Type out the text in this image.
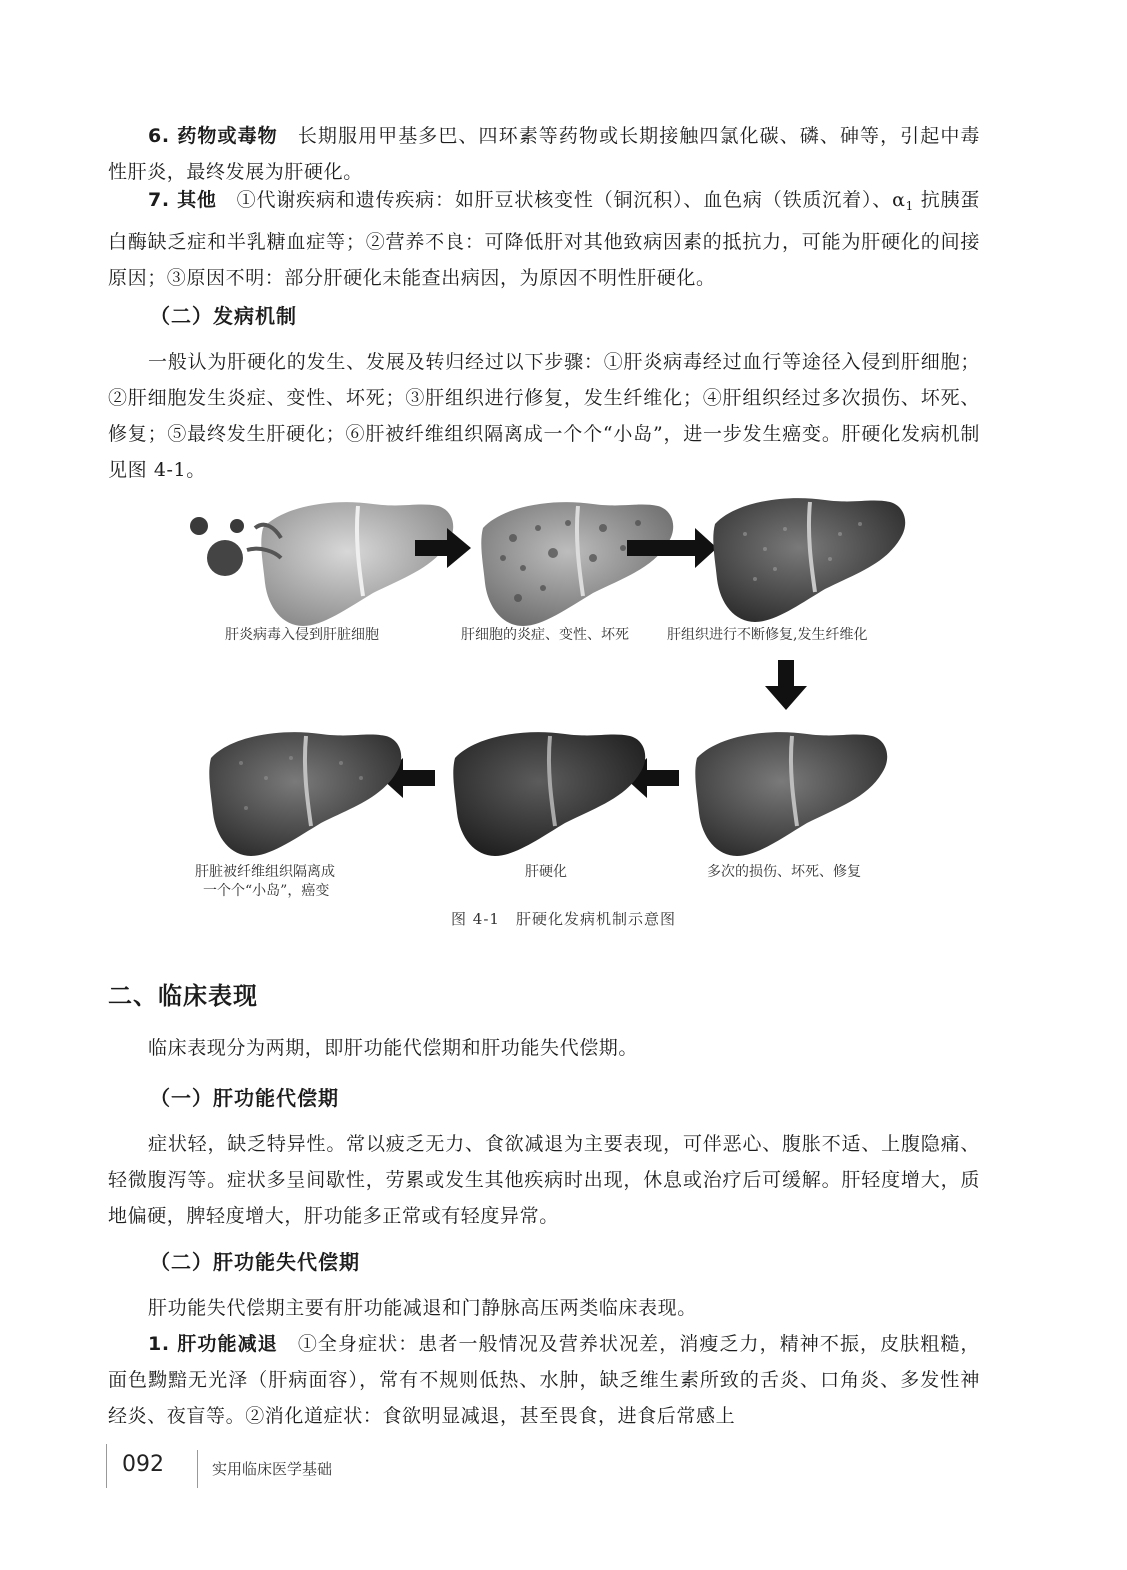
6. 药物或毒物　 长期服用甲基多巴、四环素等药物或长期接触四氯化碳、磷、砷等，引起中毒性肝炎，最终发展为肝硬化。

7. 其他　 ①代谢疾病和遗传疾病：如肝豆状核变性（铜沉积）、血色病（铁质沉着）、$\alpha_1$ 抗胰蛋白酶缺乏症和半乳糖血症等；②营养不良：可降低肝对其他致病因素的抵抗力，可能为肝硬化的间接原因；③原因不明：部分肝硬化未能查出病因，为原因不明性肝硬化。

（二）发病机制

一般认为肝硬化的发生、发展及转归经过以下步骤：①肝炎病毒经过血行等途径入侵到肝细胞；②肝细胞发生炎症、变性、坏死；③肝组织进行修复，发生纤维化；④肝组织经过多次损伤、坏死、修复；⑤最终发生肝硬化；⑥肝被纤维组织隔离成一个个“小岛”，进一步发生癌变。肝硬化发病机制见图 4-1。

肝炎病毒入侵到肝脏细胞	肝细胞的炎症、变性、坏死	肝组织进行不断修复,发生纤维化
多次的损伤、坏死、修复
肝硬化
肝脏被纤维组织隔离成
一个个“小岛”，癌变
图 4-1　肝硬化发病机制示意图
二、临床表现

临床表现分为两期，即肝功能代偿期和肝功能失代偿期。

（一）肝功能代偿期

症状轻，缺乏特异性。常以疲乏无力、食欲减退为主要表现，可伴恶心、腹胀不适、上腹隐痛、轻微腹泻等。症状多呈间歇性，劳累或发生其他疾病时出现，休息或治疗后可缓解。肝轻度增大，质地偏硬，脾轻度增大，肝功能多正常或有轻度异常。

（二）肝功能失代偿期

肝功能失代偿期主要有肝功能减退和门静脉高压两类临床表现。

1. 肝功能减退　 ①全身症状：患者一般情况及营养状况差，消瘦乏力，精神不振，皮肤粗糙，面色黝黯无光泽（肝病面容），常有不规则低热、水肿，缺乏维生素所致的舌炎、口角炎、多发性神经炎、夜盲等。②消化道症状：食欲明显减退，甚至畏食，进食后常感上

092	实用临床医学基础
